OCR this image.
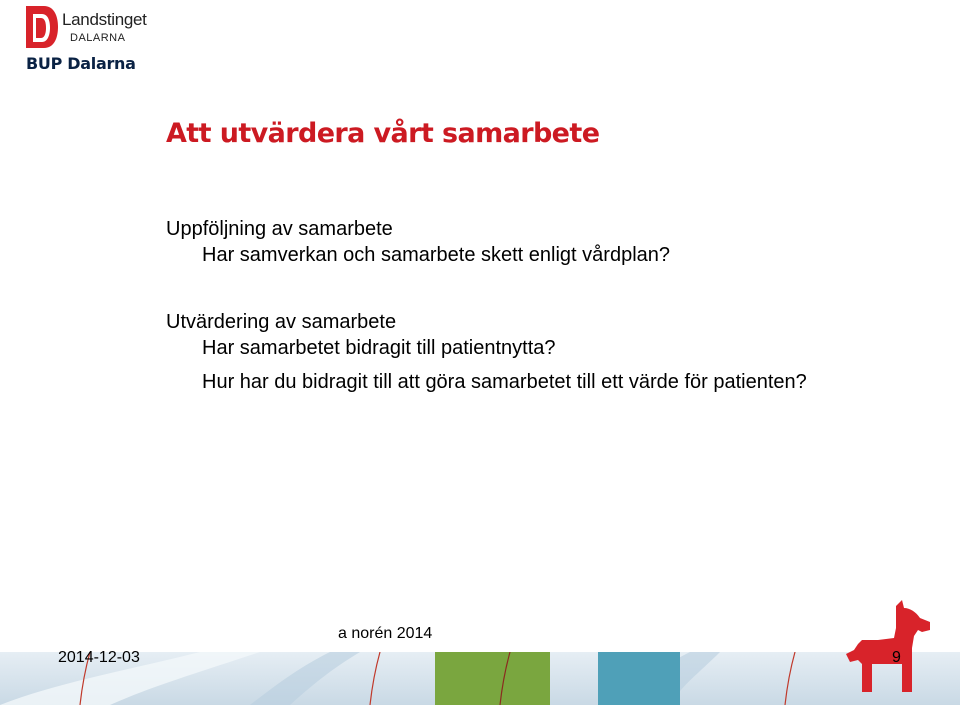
Landstinget
DALARNA
BUP Dalarna
Att utvärdera vårt samarbete
Uppföljning av samarbete
Har samverkan och samarbete skett enligt vårdplan?
Utvärdering av samarbete
Har samarbetet bidragit till patientnytta?
Hur har du bidragit till att göra samarbetet till ett värde för patienten?
a norén 2014
2014-12-03	9
